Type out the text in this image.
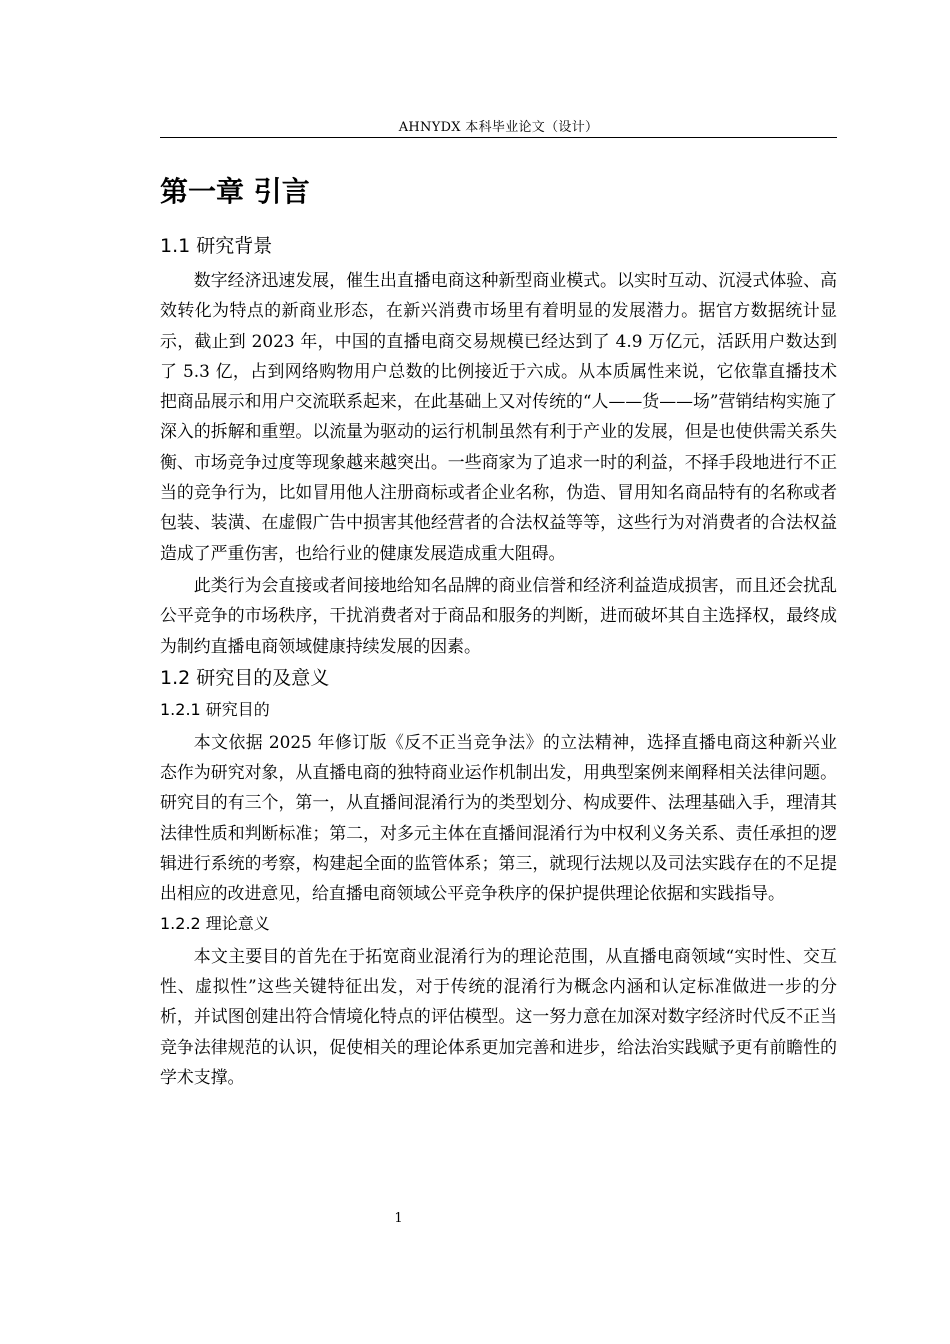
AHNYDX 本科毕业论文（设计）
第一章 引言
1.1 研究背景

数字经济迅速发展，催生出直播电商这种新型商业模式。以实时互动、沉浸式体验、高效转化为特点的新商业形态，在新兴消费市场里有着明显的发展潜力。据官方数据统计显示，截止到 2023 年，中国的直播电商交易规模已经达到了 4.9 万亿元，活跃用户数达到了 5.3 亿，占到网络购物用户总数的比例接近于六成。从本质属性来说，它依靠直播技术把商品展示和用户交流联系起来，在此基础上又对传统的“人——货——场”营销结构实施了深入的拆解和重塑。以流量为驱动的运行机制虽然有利于产业的发展，但是也使供需关系失衡、市场竞争过度等现象越来越突出。一些商家为了追求一时的利益，不择手段地进行不正当的竞争行为，比如冒用他人注册商标或者企业名称，伪造、冒用知名商品特有的名称或者包装、装潢、在虚假广告中损害其他经营者的合法权益等等，这些行为对消费者的合法权益造成了严重伤害，也给行业的健康发展造成重大阻碍。

此类行为会直接或者间接地给知名品牌的商业信誉和经济利益造成损害，而且还会扰乱公平竞争的市场秩序，干扰消费者对于商品和服务的判断，进而破坏其自主选择权，最终成为制约直播电商领域健康持续发展的因素。

1.2 研究目的及意义
1.2.1 研究目的

本文依据 2025 年修订版《反不正当竞争法》的立法精神，选择直播电商这种新兴业态作为研究对象，从直播电商的独特商业运作机制出发，用典型案例来阐释相关法律问题。研究目的有三个，第一，从直播间混淆行为的类型划分、构成要件、法理基础入手，理清其法律性质和判断标准；第二，对多元主体在直播间混淆行为中权利义务关系、责任承担的逻辑进行系统的考察，构建起全面的监管体系；第三，就现行法规以及司法实践存在的不足提出相应的改进意见，给直播电商领域公平竞争秩序的保护提供理论依据和实践指导。

1.2.2 理论意义

本文主要目的首先在于拓宽商业混淆行为的理论范围，从直播电商领域“实时性、交互性、虚拟性”这些关键特征出发，对于传统的混淆行为概念内涵和认定标准做进一步的分析，并试图创建出符合情境化特点的评估模型。这一努力意在加深对数字经济时代反不正当竞争法律规范的认识，促使相关的理论体系更加完善和进步，给法治实践赋予更有前瞻性的学术支撑。

1
